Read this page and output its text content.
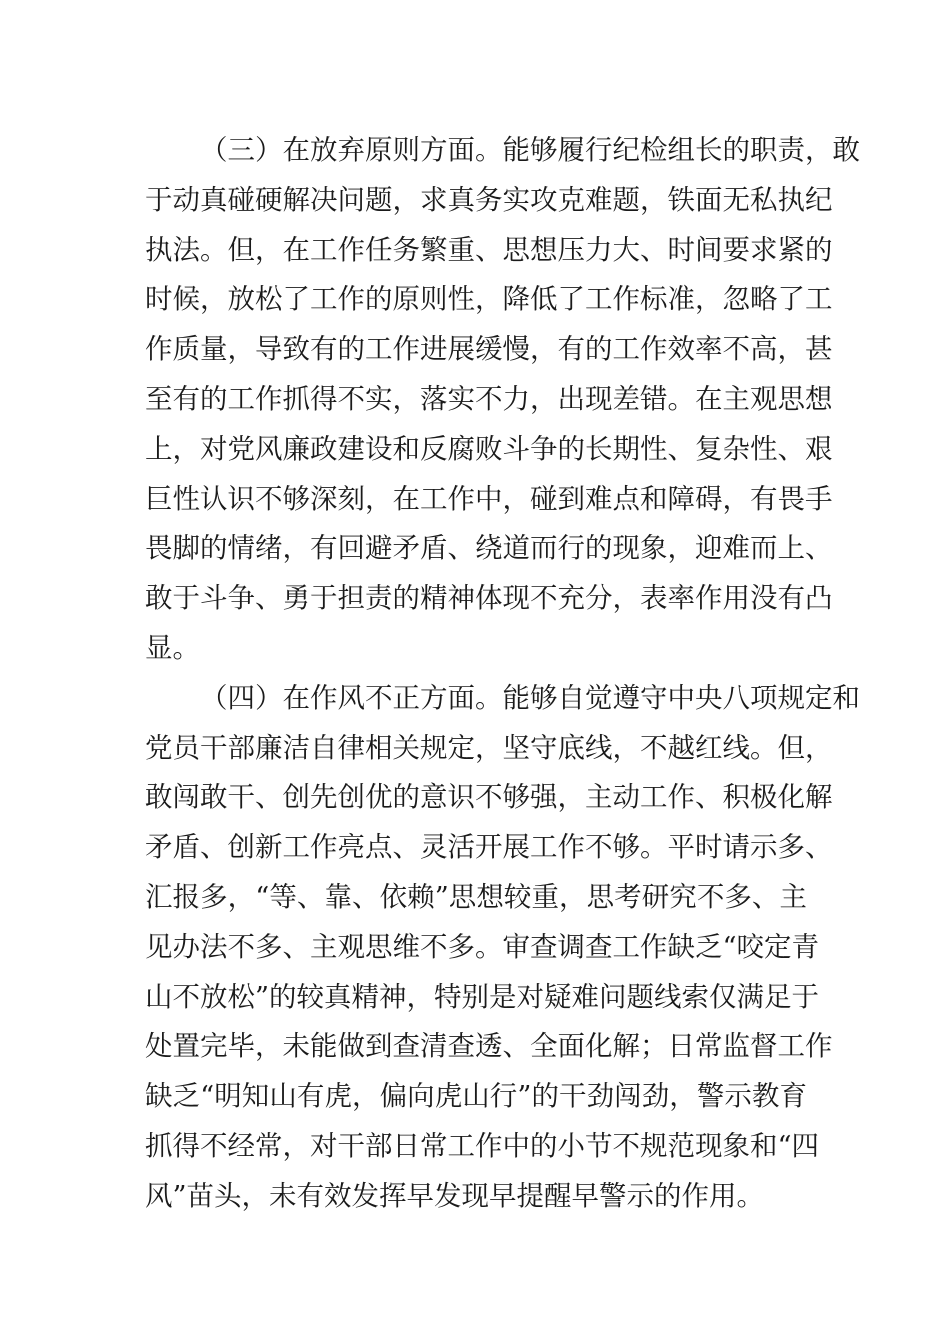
（三）在放弃原则方面。能够履行纪检组长的职责，敢
于动真碰硬解决问题，求真务实攻克难题，铁面无私执纪
执法。但，在工作任务繁重、思想压力大、时间要求紧的
时候，放松了工作的原则性，降低了工作标准，忽略了工
作质量，导致有的工作进展缓慢，有的工作效率不高，甚
至有的工作抓得不实，落实不力，出现差错。在主观思想
上，对党风廉政建设和反腐败斗争的长期性、复杂性、艰
巨性认识不够深刻，在工作中，碰到难点和障碍，有畏手
畏脚的情绪，有回避矛盾、绕道而行的现象，迎难而上、
敢于斗争、勇于担责的精神体现不充分，表率作用没有凸
显。
（四）在作风不正方面。能够自觉遵守中央八项规定和
党员干部廉洁自律相关规定，坚守底线，不越红线。但，
敢闯敢干、创先创优的意识不够强，主动工作、积极化解
矛盾、创新工作亮点、灵活开展工作不够。平时请示多、
汇报多，“等、靠、依赖”思想较重，思考研究不多、主
见办法不多、主观思维不多。审查调查工作缺乏“咬定青
山不放松”的较真精神，特别是对疑难问题线索仅满足于
处置完毕，未能做到查清查透、全面化解；日常监督工作
缺乏“明知山有虎，偏向虎山行”的干劲闯劲，警示教育
抓得不经常，对干部日常工作中的小节不规范现象和“四
风”苗头，未有效发挥早发现早提醒早警示的作用。
